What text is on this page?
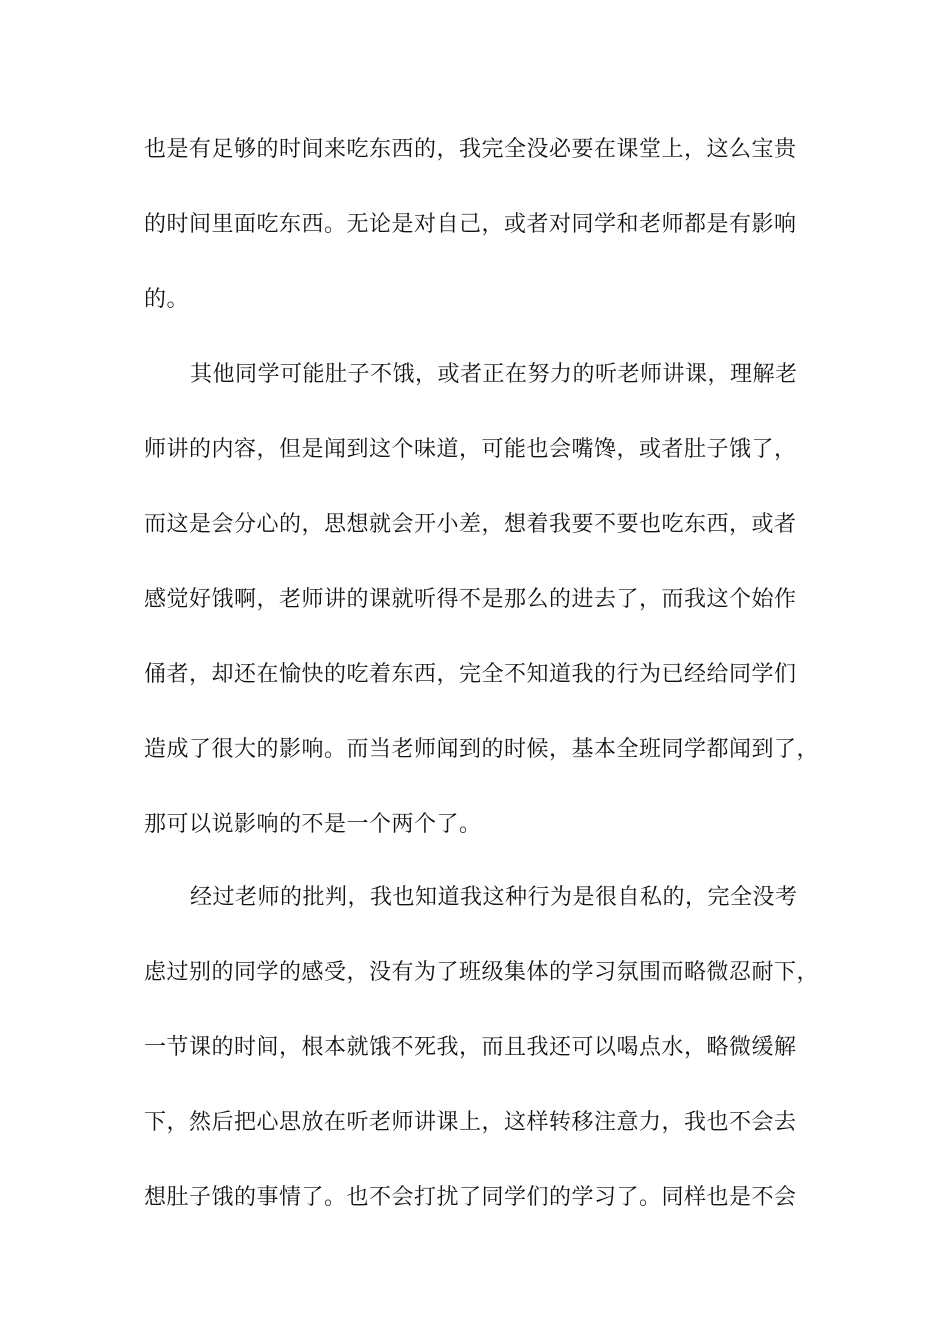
也是有足够的时间来吃东西的，我完全没必要在课堂上，这么宝贵
的时间里面吃东西。无论是对自己，或者对同学和老师都是有影响
的。
其他同学可能肚子不饿，或者正在努力的听老师讲课，理解老
师讲的内容，但是闻到这个味道，可能也会嘴馋，或者肚子饿了，
而这是会分心的，思想就会开小差，想着我要不要也吃东西，或者
感觉好饿啊，老师讲的课就听得不是那么的进去了，而我这个始作
俑者，却还在愉快的吃着东西，完全不知道我的行为已经给同学们
造成了很大的影响。而当老师闻到的时候，基本全班同学都闻到了，
那可以说影响的不是一个两个了。
经过老师的批判，我也知道我这种行为是很自私的，完全没考
虑过别的同学的感受，没有为了班级集体的学习氛围而略微忍耐下，
一节课的时间，根本就饿不死我，而且我还可以喝点水，略微缓解
下，然后把心思放在听老师讲课上，这样转移注意力，我也不会去
想肚子饿的事情了。也不会打扰了同学们的学习了。同样也是不会
